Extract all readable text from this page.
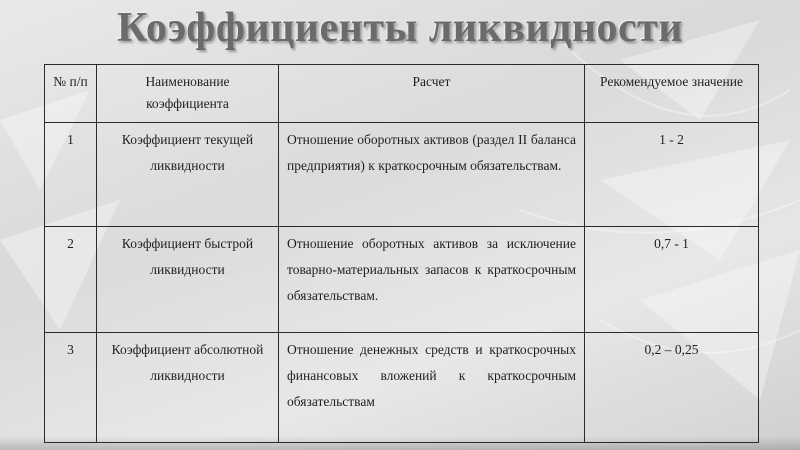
Коэффициенты ликвидности
№ п/п	Наименование коэффициента	Расчет	Рекомендуемое значение
1	Коэффициент текущей ликвидности	Отношение оборотных активов (раздел II баланса предприятия) к краткосрочным обязательствам.	1 - 2
2	Коэффициент быстрой ликвидности	Отношение оборотных активов за исключение товарно-материальных запасов к краткосрочным обязательствам.	0,7 - 1
3	Коэффициент абсолютной ликвидности	Отношение денежных средств и краткосрочных финансовых вложений к краткосрочным обязательствам	0,2 – 0,25
